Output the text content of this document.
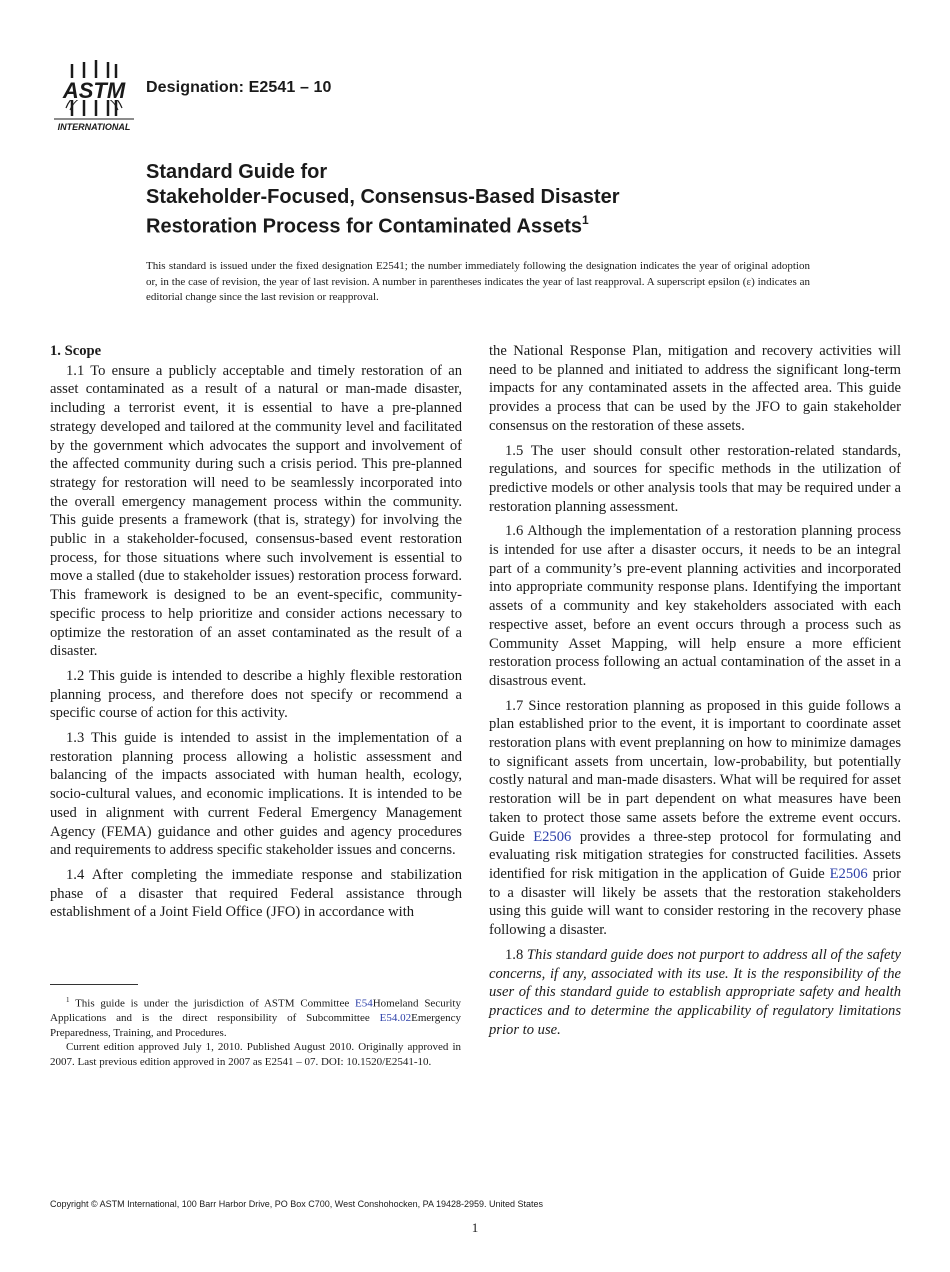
ASTM
INTERNATIONAL
Designation: E2541 – 10
Standard Guide for
Stakeholder-Focused, Consensus-Based Disaster
Restoration Process for Contaminated Assets$^1$

This standard is issued under the fixed designation E2541; the number immediately following the designation indicates the year of original adoption or, in the case of revision, the year of last revision. A number in parentheses indicates the year of last reapproval. A superscript epsilon (ε) indicates an editorial change since the last revision or reapproval.

1. Scope

1.1 To ensure a publicly acceptable and timely restoration of an asset contaminated as a result of a natural or man-made disaster, including a terrorist event, it is essential to have a pre-planned strategy developed and tailored at the community level and facilitated by the government which advocates the support and involvement of the affected community during such a crisis period. This pre-planned strategy for restoration will need to be seamlessly incorporated into the overall emergency management process within the community. This guide presents a framework (that is, strategy) for involving the public in a stakeholder-focused, consensus-based event restoration process, for those situations where such involvement is essential to move a stalled (due to stakeholder issues) restoration process forward. This framework is designed to be an event-specific, community-specific process to help prioritize and consider actions necessary to optimize the restoration of an asset contaminated as the result of a disaster.

1.2 This guide is intended to describe a highly flexible restoration planning process, and therefore does not specify or recommend a specific course of action for this activity.

1.3 This guide is intended to assist in the implementation of a restoration planning process allowing a holistic assessment and balancing of the impacts associated with human health, ecology, socio-cultural values, and economic implications. It is intended to be used in alignment with current Federal Emergency Management Agency (FEMA) guidance and other guides and agency procedures and requirements to address specific stakeholder issues and concerns.

1.4 After completing the immediate response and stabilization phase of a disaster that required Federal assistance through establishment of a Joint Field Office (JFO) in accordance with

the National Response Plan, mitigation and recovery activities will need to be planned and initiated to address the significant long-term impacts for any contaminated assets in the affected area. This guide provides a process that can be used by the JFO to gain stakeholder consensus on the restoration of these assets.

1.5 The user should consult other restoration-related standards, regulations, and sources for specific methods in the utilization of predictive models or other analysis tools that may be required under a restoration planning assessment.

1.6 Although the implementation of a restoration planning process is intended for use after a disaster occurs, it needs to be an integral part of a community’s pre-event planning activities and incorporated into appropriate community response plans. Identifying the important assets of a community and key stakeholders associated with each respective asset, before an event occurs through a process such as Community Asset Mapping, will help ensure a more efficient restoration process following an actual contamination of the asset in a disastrous event.

1.7 Since restoration planning as proposed in this guide follows a plan established prior to the event, it is important to coordinate asset restoration plans with event preplanning on how to minimize damages to significant assets from uncertain, low-probability, but potentially costly natural and man-made disasters. What will be required for asset restoration will be in part dependent on what measures have been taken to protect those same assets before the extreme event occurs. Guide E2506 provides a three-step protocol for formulating and evaluating risk mitigation strategies for constructed facilities. Assets identified for risk mitigation in the application of Guide E2506 prior to a disaster will likely be assets that the restoration stakeholders using this guide will want to consider restoring in the recovery phase following a disaster.

1.8 This standard guide does not purport to address all of the safety concerns, if any, associated with its use. It is the responsibility of the user of this standard guide to establish appropriate safety and health practices and to determine the applicability of regulatory limitations prior to use.

$^1$ This guide is under the jurisdiction of ASTM Committee E54Homeland Security Applications and is the direct responsibility of Subcommittee E54.02Emergency Preparedness, Training, and Procedures.

Current edition approved July 1, 2010. Published August 2010. Originally approved in 2007. Last previous edition approved in 2007 as E2541 – 07. DOI: 10.1520/E2541-10.

Copyright © ASTM International, 100 Barr Harbor Drive, PO Box C700, West Conshohocken, PA 19428-2959. United States
1
